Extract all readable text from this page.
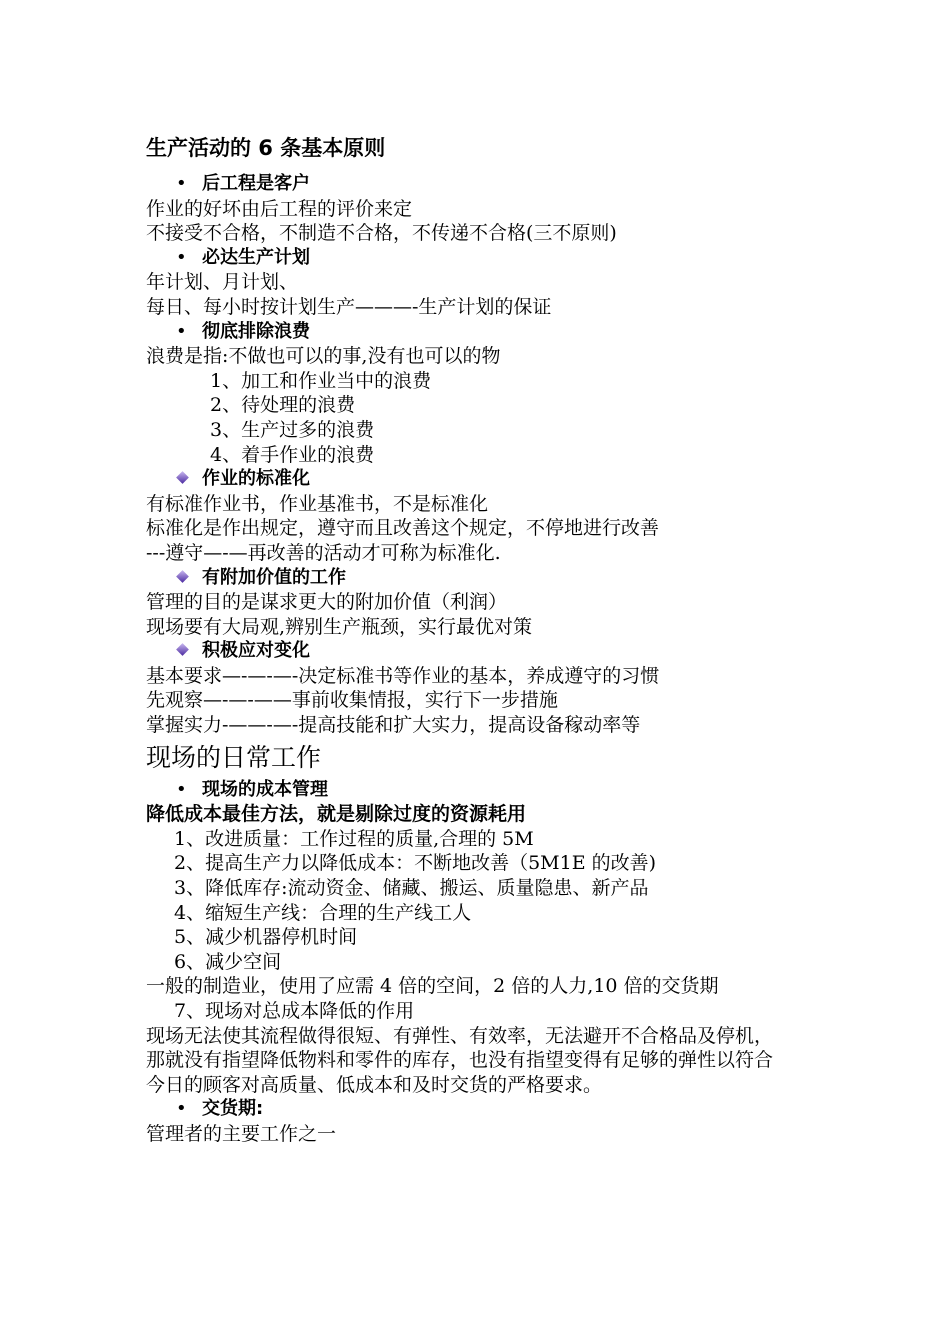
生产活动的 6 条基本原则
• 后工程是客户
作业的好坏由后工程的评价来定
不接受不合格，不制造不合格，不传递不合格(三不原则)
• 必达生产计划
年计划、月计划、
每日、每小时按计划生产———-生产计划的保证
• 彻底排除浪费
浪费是指:不做也可以的事,没有也可以的物
1、加工和作业当中的浪费
2、待处理的浪费
3、生产过多的浪费
4、着手作业的浪费
作业的标准化
有标准作业书，作业基准书，不是标准化
标准化是作出规定，遵守而且改善这个规定，不停地进行改善
---遵守—-—再改善的活动才可称为标准化.
有附加价值的工作
管理的目的是谋求更大的附加价值（利润）
现场要有大局观,辨别生产瓶颈，实行最优对策
积极应对变化
基本要求—-—-—-决定标准书等作业的基本，养成遵守的习惯
先观察—-—-——事前收集情报，实行下一步措施
掌握实力-——-—-提高技能和扩大实力，提高设备稼动率等
现场的日常工作
• 现场的成本管理
降低成本最佳方法，就是剔除过度的资源耗用
1、改进质量：工作过程的质量,合理的 5M
2、提高生产力以降低成本：不断地改善（5M1E 的改善)
3、降低库存:流动资金、储藏、搬运、质量隐患、新产品
4、缩短生产线：合理的生产线工人
5、减少机器停机时间
6、减少空间
一般的制造业，使用了应需 4 倍的空间，2 倍的人力,10 倍的交货期
7、现场对总成本降低的作用
现场无法使其流程做得很短、有弹性、有效率，无法避开不合格品及停机，
那就没有指望降低物料和零件的库存，也没有指望变得有足够的弹性以符合
今日的顾客对高质量、低成本和及时交货的严格要求。
• 交货期:
管理者的主要工作之一
